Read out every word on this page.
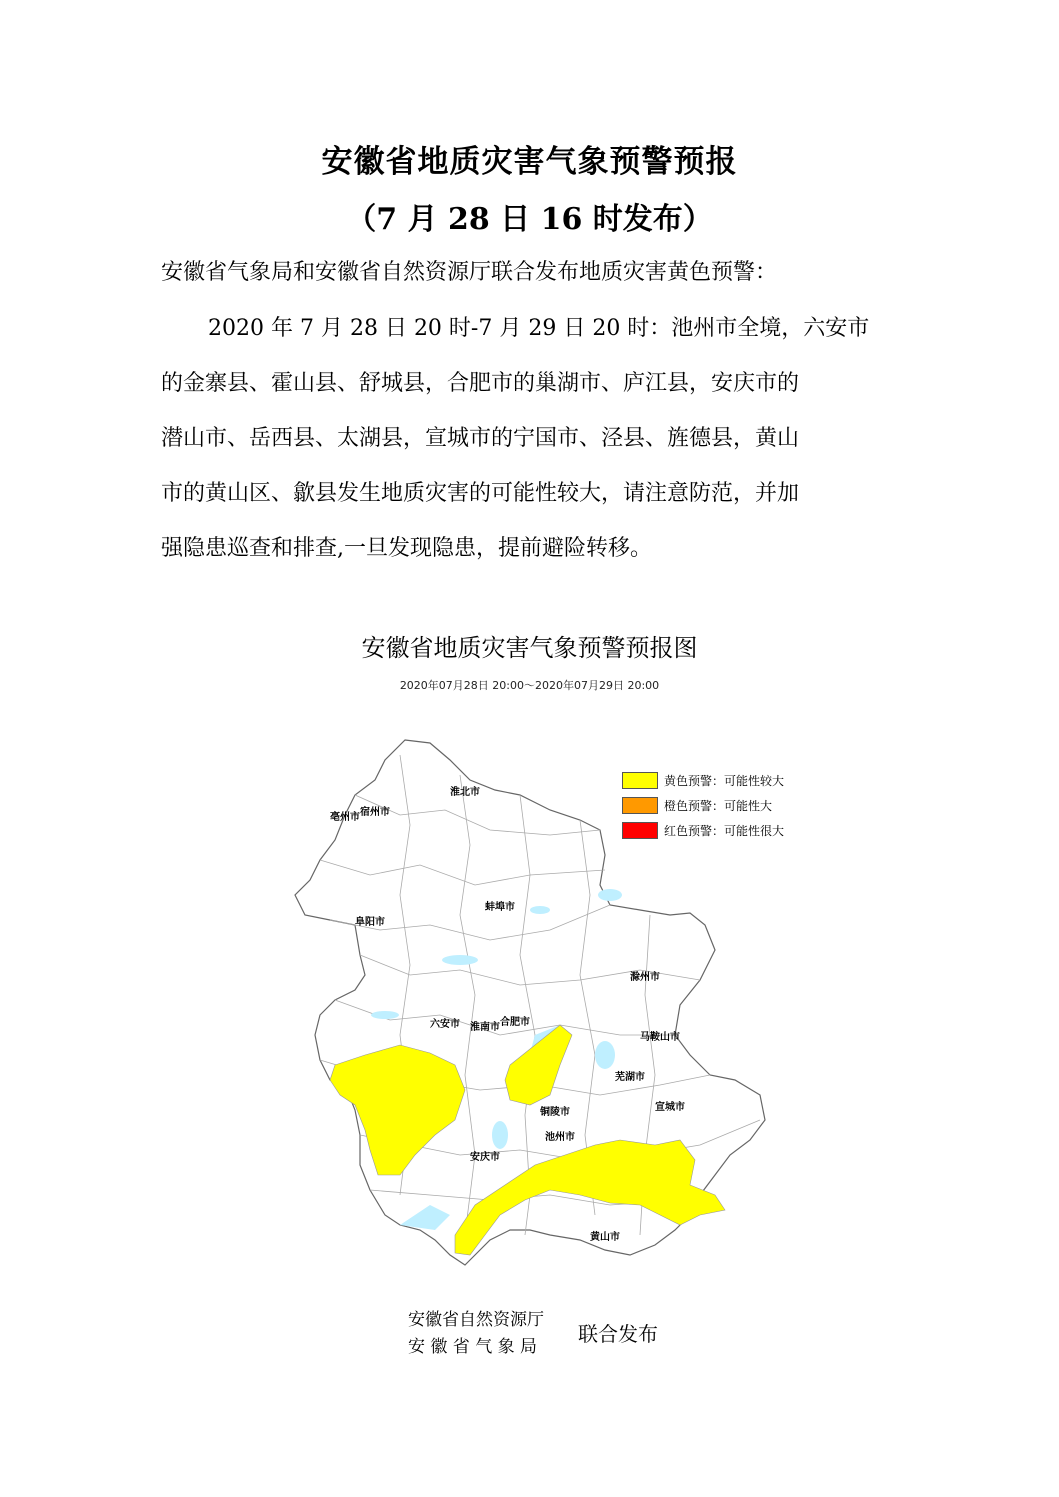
安徽省地质灾害气象预警预报
（7 月 28 日 16 时发布）
安徽省气象局和安徽省自然资源厅联合发布地质灾害黄色预警：
2020 年 7 月 28 日 20 时-7 月 29 日 20 时：池州市全境，六安市
的金寨县、霍山县、舒城县，合肥市的巢湖市、庐江县，安庆市的
潜山市、岳西县、太湖县，宣城市的宁国市、泾县、旌德县，黄山
市的黄山区、歙县发生地质灾害的可能性较大，请注意防范，并加
强隐患巡查和排查,一旦发现隐患，提前避险转移。
安徽省地质灾害气象预警预报图
2020年07月28日 20:00～2020年07月29日 20:00
宿州市
淮北市
阜阳市
亳州市
蚌埠市
淮南市
滁州市
六安市	合肥市
马鞍山市
芜湖市
宣城市
铜陵市
池州市
安庆市
黄山市
黄色预警：可能性较大
橙色预警：可能性大
红色预警：可能性很大
安徽省自然资源厅
安 徽 省 气 象 局
联合发布
